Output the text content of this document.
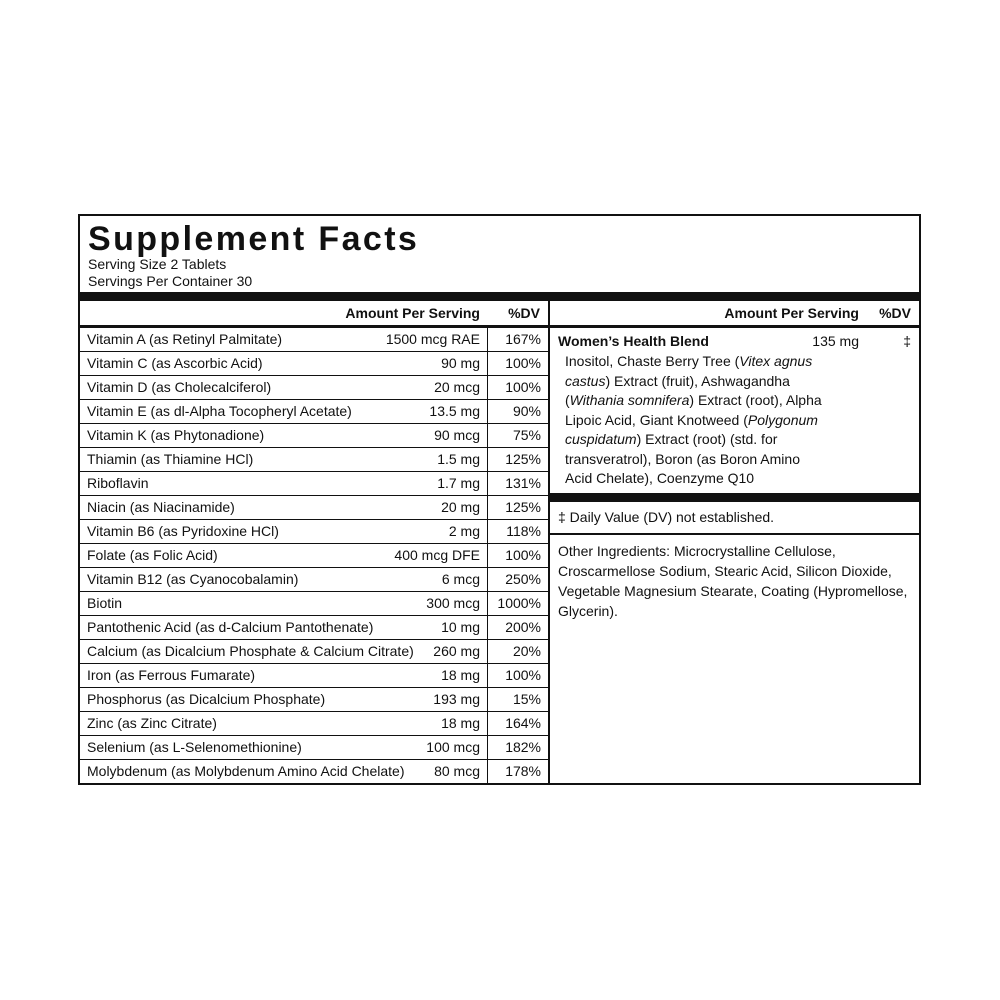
Supplement Facts
Serving Size 2 Tablets
Servings Per Container 30
Amount Per Serving %DV
Vitamin A (as Retinyl Palmitate)	1500 mcg RAE 167%
Vitamin C (as Ascorbic Acid)	90 mg 100%
Vitamin D (as Cholecalciferol)	20 mcg 100%
Vitamin E (as dl-Alpha Tocopheryl Acetate)	13.5 mg 90%
Vitamin K (as Phytonadione)	90 mcg 75%
Thiamin (as Thiamine HCl)	1.5 mg 125%
Riboflavin	1.7 mg 131%
Niacin (as Niacinamide)	20 mg 125%
Vitamin B6 (as Pyridoxine HCl)	2 mg 118%
Folate (as Folic Acid)	400 mcg DFE 100%
Vitamin B12 (as Cyanocobalamin)	6 mcg 250%
Biotin	300 mcg 1000%
Pantothenic Acid (as d-Calcium Pantothenate)	10 mg 200%
Calcium (as Dicalcium Phosphate & Calcium Citrate) 260 mg 20%
Iron (as Ferrous Fumarate)	18 mg 100%
Phosphorus (as Dicalcium Phosphate)	193 mg 15%
Zinc (as Zinc Citrate)	18 mg 164%
Selenium (as L-Selenomethionine)	100 mcg 182%
Molybdenum (as Molybdenum Amino Acid Chelate) 80 mcg 178%
Amount Per Serving %DV
Women’s Health Blend	135 mg	‡
Inositol, Chaste Berry Tree (Vitex agnus castus) Extract (fruit), Ashwagandha (Withania somnifera) Extract (root), Alpha Lipoic Acid, Giant Knotweed (Polygonum cuspidatum) Extract (root) (std. for transveratrol), Boron (as Boron Amino Acid Chelate), Coenzyme Q10
‡ Daily Value (DV) not established.
Other Ingredients: Microcrystalline Cellulose, Croscarmellose Sodium, Stearic Acid, Silicon Dioxide, Vegetable Magnesium Stearate, Coating (Hypromellose, Glycerin).
